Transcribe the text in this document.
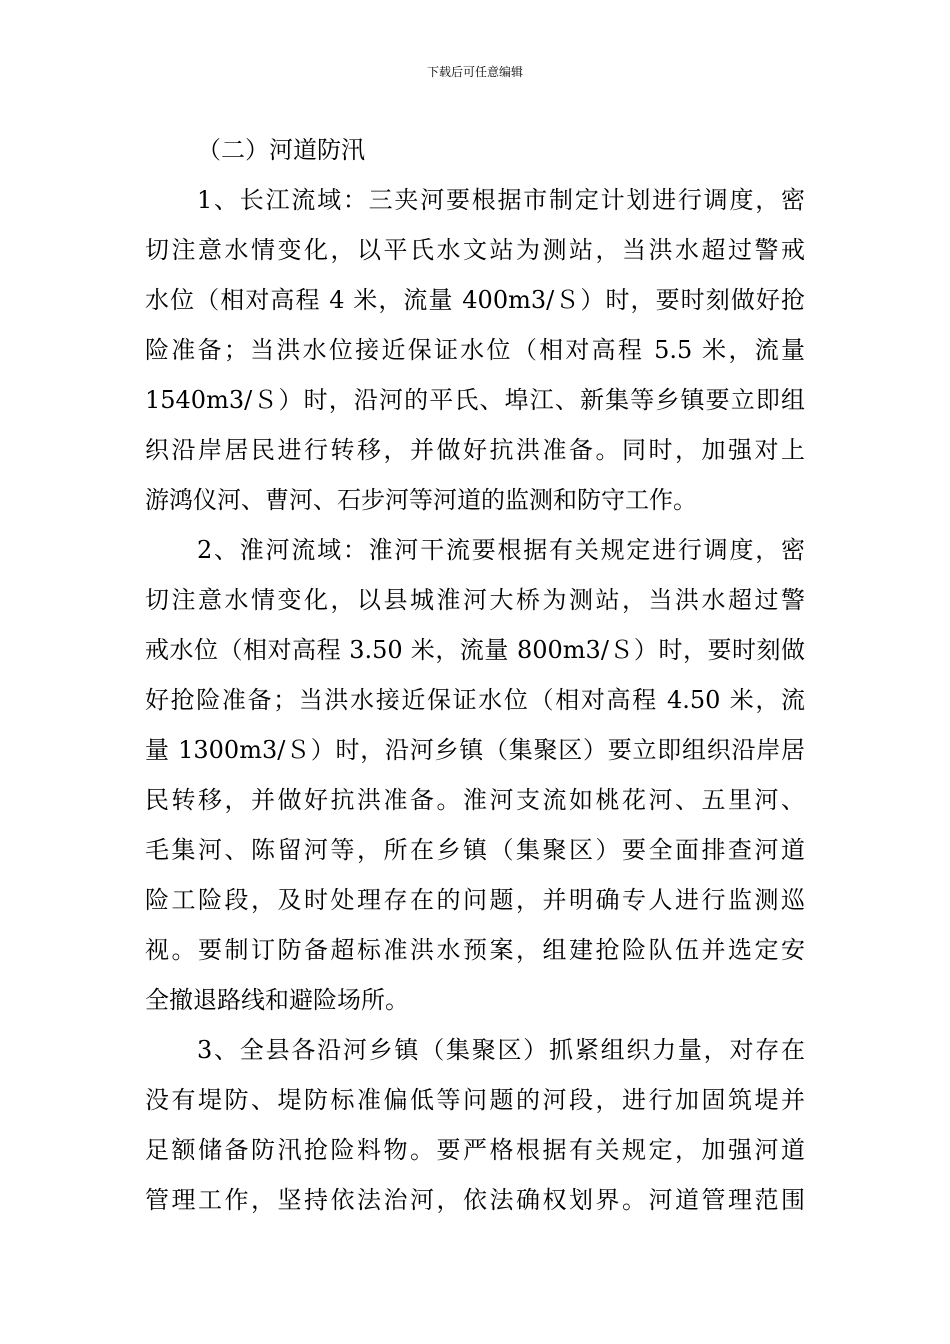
下载后可任意编辑
（二）河道防汛
1、长江流域：三夹河要根据市制定计划进行调度，密
切注意水情变化，以平氏水文站为测站，当洪水超过警戒
水位（相对高程 4 米，流量 400m3/Ｓ）时，要时刻做好抢
险准备；当洪水位接近保证水位（相对高程 5.5 米，流量
1540m3/Ｓ）时，沿河的平氏、埠江、新集等乡镇要立即组
织沿岸居民进行转移，并做好抗洪准备。同时，加强对上
游鸿仪河、曹河、石步河等河道的监测和防守工作。
2、淮河流域：淮河干流要根据有关规定进行调度，密
切注意水情变化，以县城淮河大桥为测站，当洪水超过警
戒水位（相对高程 3.50 米，流量 800m3/Ｓ）时，要时刻做
好抢险准备；当洪水接近保证水位（相对高程 4.50 米，流
量 1300m3/Ｓ）时，沿河乡镇（集聚区）要立即组织沿岸居
民转移，并做好抗洪准备。淮河支流如桃花河、五里河、
毛集河、陈留河等，所在乡镇（集聚区）要全面排查河道
险工险段，及时处理存在的问题，并明确专人进行监测巡
视。要制订防备超标准洪水预案，组建抢险队伍并选定安
全撤退路线和避险场所。
3、全县各沿河乡镇（集聚区）抓紧组织力量，对存在
没有堤防、堤防标准偏低等问题的河段，进行加固筑堤并
足额储备防汛抢险料物。要严格根据有关规定，加强河道
管理工作，坚持依法治河，依法确权划界。河道管理范围
